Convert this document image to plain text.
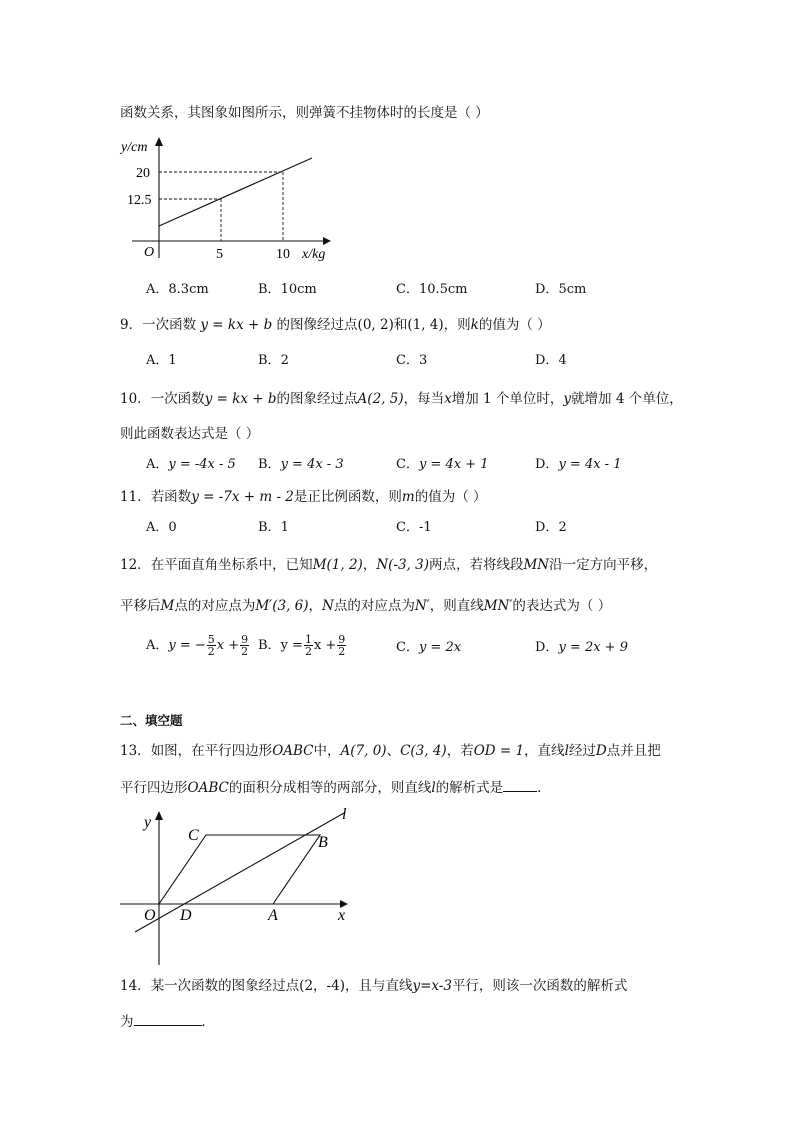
函数关系，其图象如图所示，则弹簧不挂物体时的长度是（ ）
y/cm
20
12.5
O	5	10 x/kg
A．8.3cm	B．10cm	C．10.5cm	D．5cm
9．一次函数 y = kx + b 的图像经过点(0, 2)和(1, 4)，则k的值为（ ）
A．1	B．2	C．3	D．4
10．一次函数y = kx + b的图象经过点A(2, 5)，每当x增加 1 个单位时，y就增加 4 个单位，
则此函数表达式是（ ）
A．y = -4x - 5 B．y = 4x - 3	C．y = 4x + 1	D．y = 4x - 1
11．若函数y = -7x + m - 2是正比例函数，则m的值为（ ）
A．0	B．1	C．-1	D．2
12．在平面直角坐标系中，已知M(1, 2)，N(-3, 3)两点，若将线段MN沿一定方向平移，
平移后M点的对应点为M′(3, 6)，N点的对应点为N′，则直线MN′的表达式为（ ）
A．y = − $\frac{5}{2}$ $x + \frac{9}{2}$ B．$y = \frac{1}{2}$ $x + \frac{9}{2}$	C．y = 2x	D．y = 2x + 9
二、填空题
13．如图，在平行四边形OABC中，A(7, 0)、C(3, 4)，若OD = 1，直线l经过D点并且把
平行四边形OABC的面积分成相等的两部分，则直线l的解析式是	．
y
C	B
l
O D	A	x
14．某一次函数的图象经过点(2，-4)，且与直线y=x-3平行，则该一次函数的解析式
为	．
